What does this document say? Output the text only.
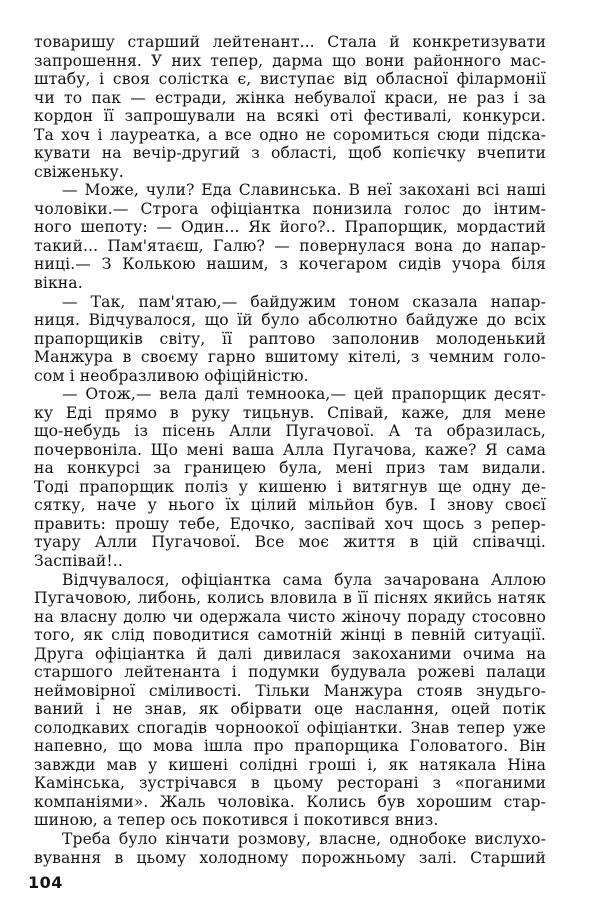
товаришу старший лейтенант... Стала й конкретизувати
запрошення. У них тепер, дарма що вони районного мас-
штабу, і своя солістка є, виступає від обласної філармонії
чи то пак — естради, жінка небувалої краси, не раз і за
кордон її запрошували на всякі оті фестивалі, конкурси.
Та хоч і лауреатка, а все одно не соромиться сюди підска-
кувати на вечір-другий з області, щоб копієчку вчепити
свіженьку.
— Може, чули? Еда Славинська. В неї закохані всі наші
чоловіки.— Строга офіціантка понизила голос до інтим-
ного шепоту: — Один... Як його?.. Прапорщик, мордастий
такий... Пам'ятаєш, Галю? — повернулася вона до напар-
ниці.— З Колькою нашим, з кочегаром сидів учора біля
вікна.
— Так, пам'ятаю,— байдужим тоном сказала напар-
ниця. Відчувалося, що їй було абсолютно байдуже до всіх
прапорщиків світу, її раптово заполонив молоденький
Манжура в своєму гарно вшитому кітелі, з чемним голо-
сом і необразливою офіційністю.
— Отож,— вела далі темноока,— цей прапорщик десят-
ку Еді прямо в руку тицьнув. Співай, каже, для мене
що-небудь із пісень Алли Пугачової. А та образилась,
почервоніла. Що мені ваша Алла Пугачова, каже? Я сама
на конкурсі за границею була, мені приз там видали.
Тоді прапорщик поліз у кишеню і витягнув ще одну де-
сятку, наче у нього їх цілий мільйон був. І знову своєї
править: прошу тебе, Едочко, заспівай хоч щось з репер-
туару Алли Пугачової. Все моє життя в цій співачці.
Заспівай!..
Відчувалося, офіціантка сама була зачарована Аллою
Пугачовою, либонь, колись вловила в її піснях якийсь натяк
на власну долю чи одержала чисто жіночу пораду стосовно
того, як слід поводитися самотній жінці в певній ситуації.
Друга офіціантка й далі дивилася закоханими очима на
старшого лейтенанта і подумки будувала рожеві палаци
неймовірної сміливості. Тільки Манжура стояв знудьго-
ваний і не знав, як обірвати оце наслання, оцей потік
солодкавих спогадів чорноокої офіціантки. Знав тепер уже
напевно, що мова ішла про прапорщика Головатого. Він
завжди мав у кишені солідні гроші і, як натякала Ніна
Камінська, зустрічався в цьому ресторані з «поганими
компаніями». Жаль чоловіка. Колись був хорошим стар-
шиною, а тепер ось покотився і покотився вниз.
Треба було кінчати розмову, власне, однобоке вислухо-
вування в цьому холодному порожньому залі. Старший
104
